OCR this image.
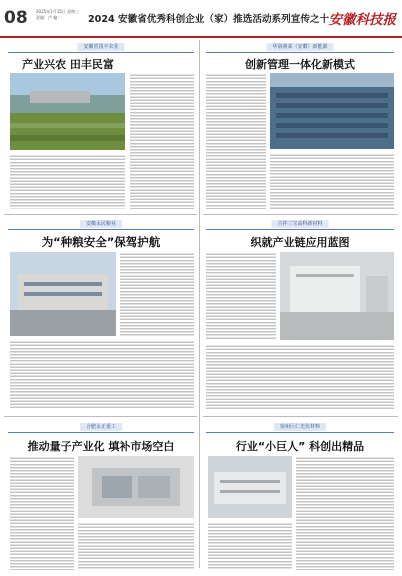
08 2025年1月15日 星期三
责编：卢 编：	2024 安徽省优秀科创企业（家）推选活动系列宣传之十 安徽科技报
安徽省国丰农业
产业兴农 田丰民富
华润洲来（安徽）新能源
创新管理一体化新模式
安徽永民粮业
为“种粮安全”保驾护航
吉祥三宝高科新材料
织就产业链应用蓝图
合肥永正重工
推动量子产业化 填补市场空白
宿州巨仁光伏材料
行业“小巨人” 科创出精品
